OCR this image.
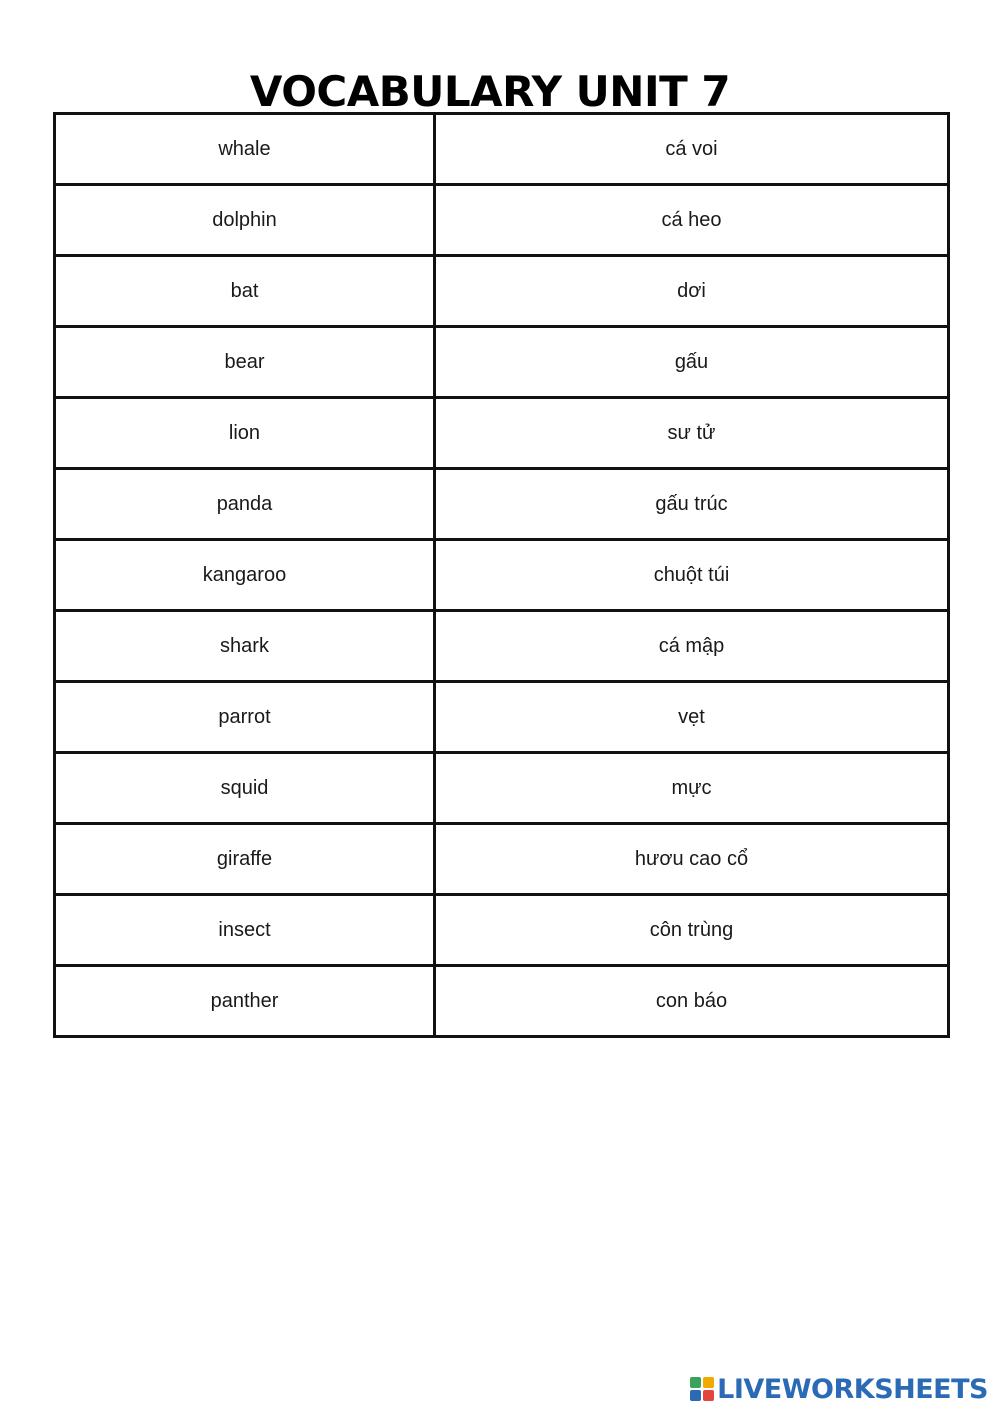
VOCABULARY UNIT 7
whale	cá voi
dolphin	cá heo
bat	dơi
bear	gấu
lion	sư tử
panda	gấu trúc
kangaroo	chuột túi
shark	cá mập
parrot	vẹt
squid	mực
giraffe	hươu cao cổ
insect	côn trùng
panther	con báo
LIVEWORKSHEETS
